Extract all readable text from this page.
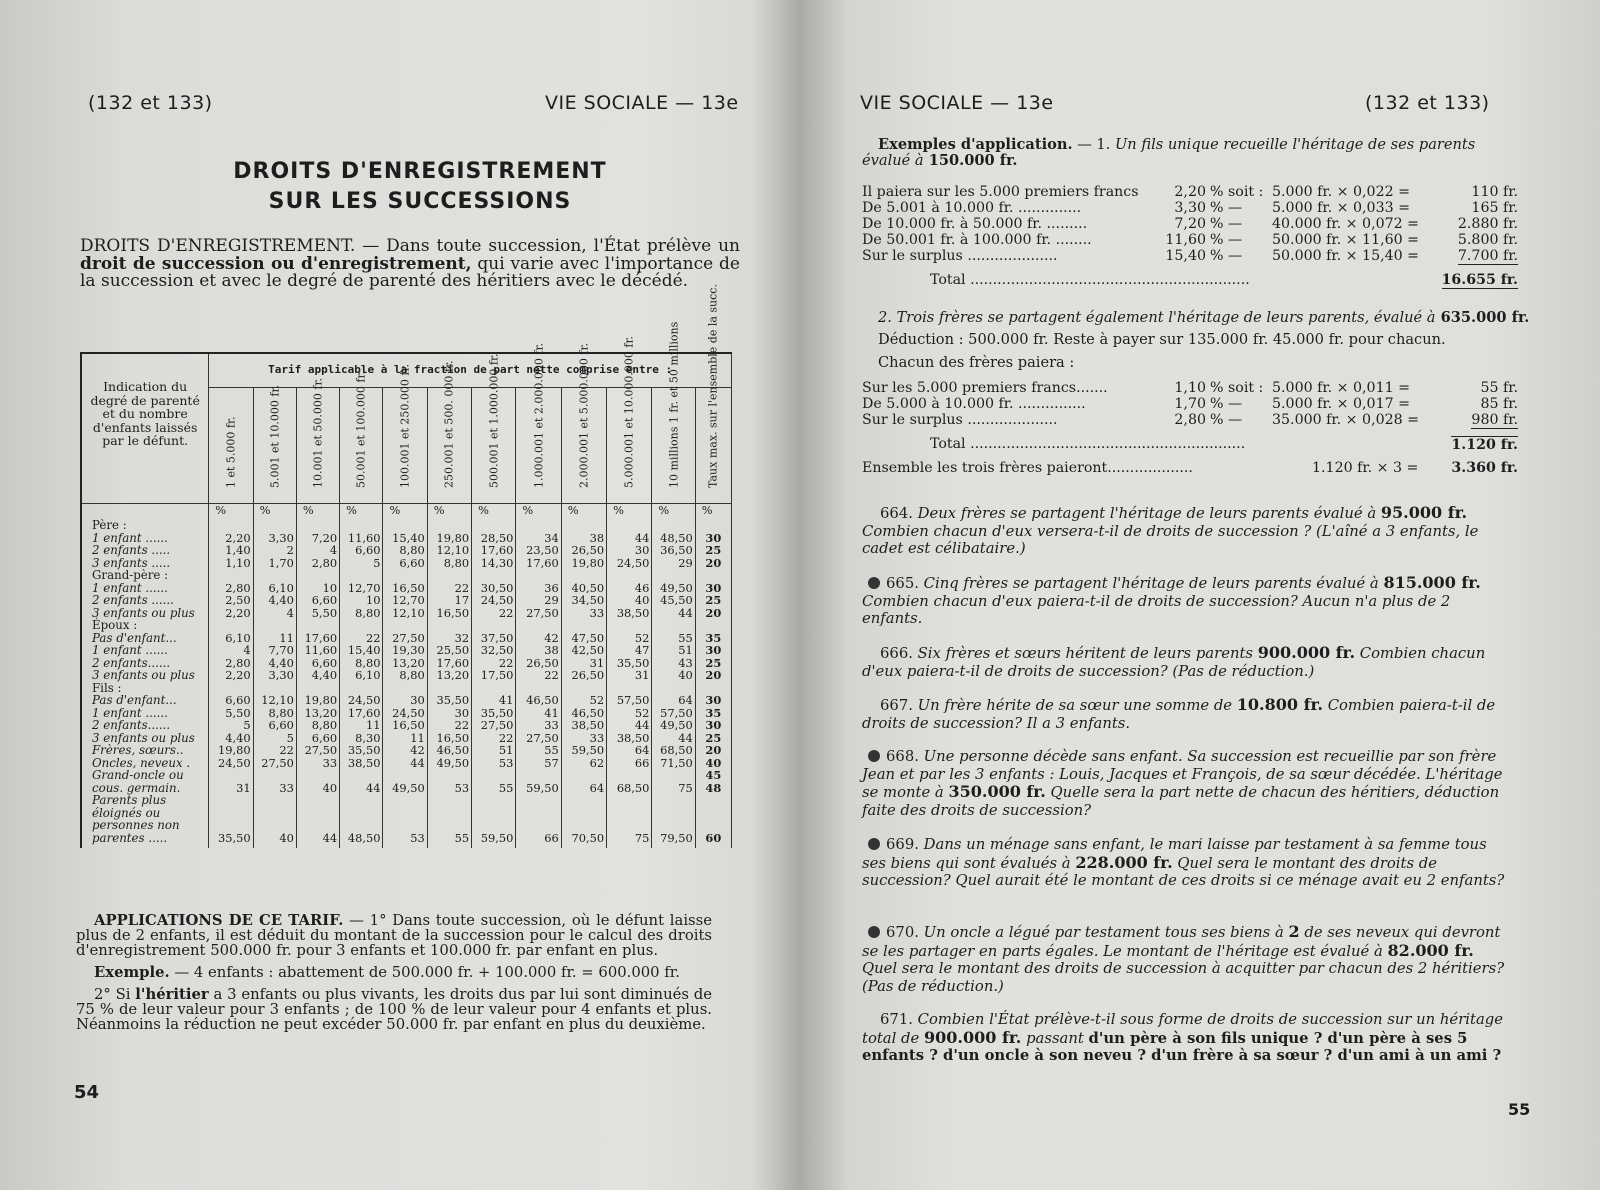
(132 et 133)	VIE SOCIALE — 13e
DROITS D'ENREGISTREMENT
SUR LES SUCCESSIONS
DROITS D'ENREGISTREMENT. — Dans toute succession, l'État prélève un droit de succession ou d'enregistrement, qui varie avec l'importance de la succession et avec le degré de parenté des héritiers avec le décédé.
Indication du degré de parenté et du nombre d'enfants laissés par le défunt.	Tarif applicable à la fraction de part nette comprise entre :											

	1 et 5.000 fr.	5.001 et 10.000 fr.	10.001 et 50.000 fr.	50.001 et 100.000 fr.	100.001 et 250.000 fr.	250.001 et 500. 000 fr.	500.001 et 1.000.000 fr.	1.000.001 et 2.000.000 fr.	2.000.001 et 5.000.000 fr.	5.000.001 et 10.000.000 fr.	10 millions 1 fr. et 50 millions	Taux max. sur l'ensemble de la succ.

	%	%	%	%	%	%	%	%	%	%	%	%
Père :												
1 enfant ......	2,20	3,30	7,20	11,60	15,40	19,80	28,50	34	38	44	48,50	30
2 enfants .....	1,40	2	4	6,60	8,80	12,10	17,60	23,50	26,50	30	36,50	25
3 enfants .....	1,10	1,70	2,80	5	6,60	8,80	14,30	17,60	19,80	24,50	29	20
Grand-père :												
1 enfant ......	2,80	6,10	10	12,70	16,50	22	30,50	36	40,50	46	49,50	30
2 enfants ......	2,50	4,40	6,60	10	12,70	17	24,50	29	34,50	40	45,50	25
3 enfants ou plus	2,20	4	5,50	8,80	12,10	16,50	22	27,50	33	38,50	44	20
Époux :												
Pas d'enfant...	6,10	11	17,60	22	27,50	32	37,50	42	47,50	52	55	35
1 enfant ......	4	7,70	11,60	15,40	19,30	25,50	32,50	38	42,50	47	51	30
2 enfants......	2,80	4,40	6,60	8,80	13,20	17,60	22	26,50	31	35,50	43	25
3 enfants ou plus	2,20	3,30	4,40	6,10	8,80	13,20	17,50	22	26,50	31	40	20
Fils :												
Pas d'enfant...	6,60	12,10	19,80	24,50	30	35,50	41	46,50	52	57,50	64	30
1 enfant ......	5,50	8,80	13,20	17,60	24,50	30	35,50	41	46,50	52	57,50	35
2 enfants......	5	6,60	8,80	11	16,50	22	27,50	33	38,50	44	49,50	30
3 enfants ou plus	4,40	5	6,60	8,30	11	16,50	22	27,50	33	38,50	44	25
Frères, sœurs..	19,80	22	27,50	35,50	42	46,50	51	55	59,50	64	68,50	20
Oncles, neveux .	24,50	27,50	33	38,50	44	49,50	53	57	62	66	71,50	40
Grand-oncle ou												45
cous. germain.	31	33	40	44	49,50	53	55	59,50	64	68,50	75	48
Parents plus												
éloignés ou												
personnes non												
parentes .....	35,50	40	44	48,50	53	55	59,50	66	70,50	75	79,50	60

APPLICATIONS DE CE TARIF. — 1° Dans toute succession, où le défunt laisse plus de 2 enfants, il est déduit du montant de la succession pour le calcul des droits d'enregistrement 500.000 fr. pour 3 enfants et 100.000 fr. par enfant en plus.

Exemple. — 4 enfants : abattement de 500.000 fr. + 100.000 fr. = 600.000 fr.

2° Si l'héritier a 3 enfants ou plus vivants, les droits dus par lui sont diminués de 75 % de leur valeur pour 3 enfants ; de 100 % de leur valeur pour 4 enfants et plus. Néanmoins la réduction ne peut excéder 50.000 fr. par enfant en plus du deuxième.

54
VIE SOCIALE — 13e	(132 et 133)
Exemples d'application. — 1. Un fils unique recueille l'héritage de ses parents évalué à 150.000 fr.
Il paiera sur les 5.000 premiers francs	2,20 % soit : 5.000 fr. × 0,022 =	110 fr.
De 5.001 à 10.000 fr. ..............	3,30 % — 5.000 fr. × 0,033 =	165 fr.
De 10.000 fr. à 50.000 fr. .........	7,20 % — 40.000 fr. × 0,072 =	2.880 fr.
De 50.001 fr. à 100.000 fr. ........	11,60 % — 50.000 fr. × 11,60 =	5.800 fr.
Sur le surplus ....................	15,40 % — 50.000 fr. × 15,40 =	7.700 fr.
Total ..............................................................	16.655 fr.
2. Trois frères se partagent également l'héritage de leurs parents, évalué à 635.000 fr.
Déduction : 500.000 fr. Reste à payer sur 135.000 fr. 45.000 fr. pour chacun.
Chacun des frères paiera :
Sur les 5.000 premiers francs.......	1,10 % soit : 5.000 fr. × 0,011 =	55 fr.
De 5.000 à 10.000 fr. ...............	1,70 % — 5.000 fr. × 0,017 =	85 fr.
Sur le surplus ....................	2,80 % — 35.000 fr. × 0,028 =	980 fr.
Total .............................................................	1.120 fr.
Ensemble les trois frères paieront...................	1.120 fr. × 3 = 3.360 fr.
664. Deux frères se partagent l'héritage de leurs parents évalué à 95.000 fr. Combien chacun d'eux versera-t-il de droits de succession ? (L'aîné a 3 enfants, le cadet est célibataire.)
665. Cinq frères se partagent l'héritage de leurs parents évalué à 815.000 fr. Combien chacun d'eux paiera-t-il de droits de succession? Aucun n'a plus de 2 enfants.
666. Six frères et sœurs héritent de leurs parents 900.000 fr. Combien chacun d'eux paiera-t-il de droits de succession? (Pas de réduction.)
667. Un frère hérite de sa sœur une somme de 10.800 fr. Combien paiera-t-il de droits de succession? Il a 3 enfants.
668. Une personne décède sans enfant. Sa succession est recueillie par son frère Jean et par les 3 enfants : Louis, Jacques et François, de sa sœur décédée. L'héritage se monte à 350.000 fr. Quelle sera la part nette de chacun des héritiers, déduction faite des droits de succession?
669. Dans un ménage sans enfant, le mari laisse par testament à sa femme tous ses biens qui sont évalués à 228.000 fr. Quel sera le montant des droits de succession? Quel aurait été le montant de ces droits si ce ménage avait eu 2 enfants?
670. Un oncle a légué par testament tous ses biens à 2 de ses neveux qui devront se les partager en parts égales. Le montant de l'héritage est évalué à 82.000 fr. Quel sera le montant des droits de succession à acquitter par chacun des 2 héritiers? (Pas de réduction.)
671. Combien l'État prélève-t-il sous forme de droits de succession sur un héritage total de 900.000 fr. passant d'un père à son fils unique ? d'un père à ses 5 enfants ? d'un oncle à son neveu ? d'un frère à sa sœur ? d'un ami à un ami ?
55
